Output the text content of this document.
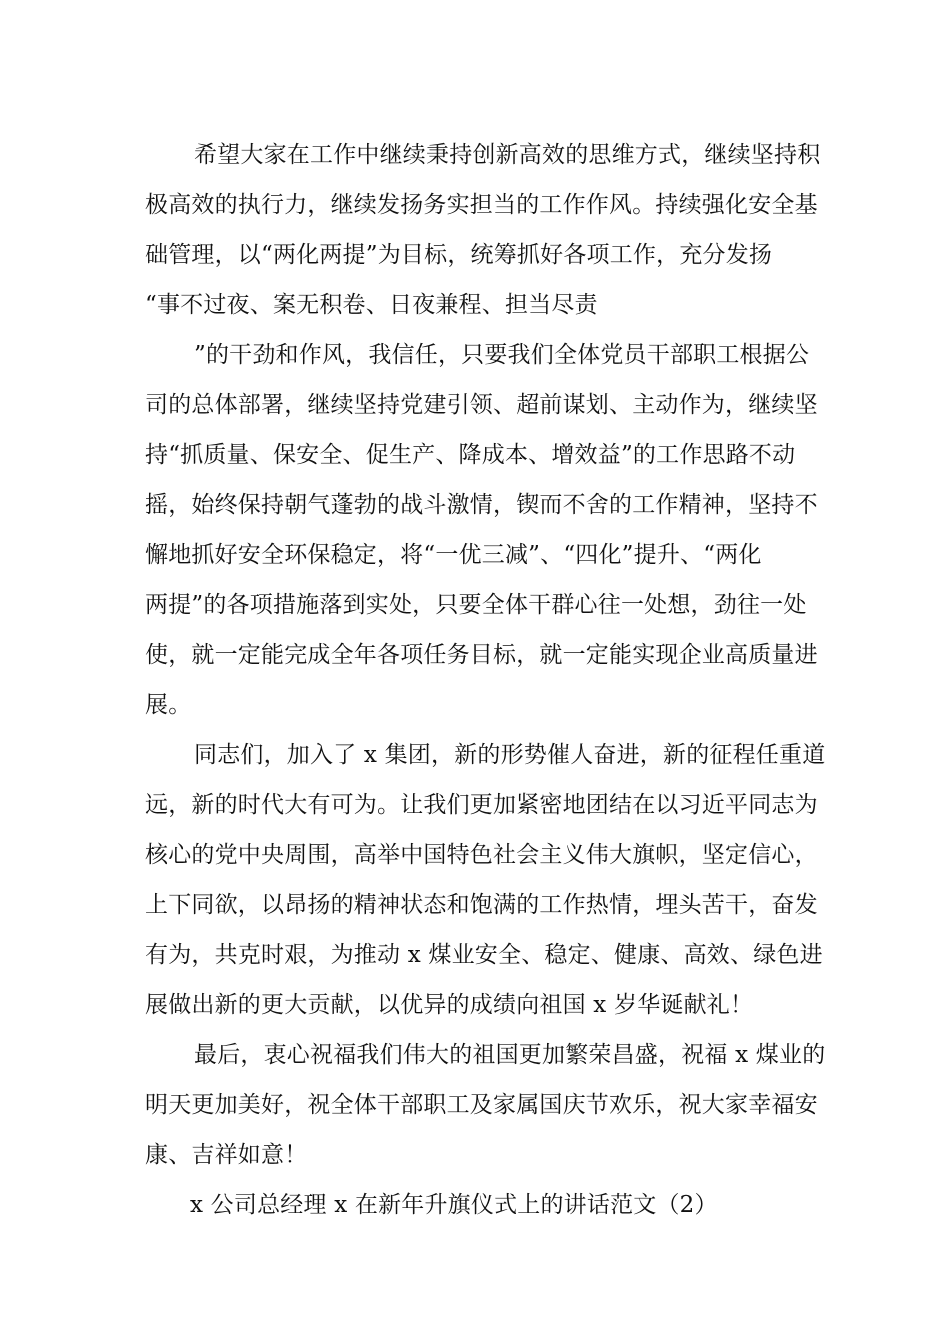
希望大家在工作中继续秉持创新高效的思维方式，继续坚持积
极高效的执行力，继续发扬务实担当的工作作风。持续强化安全基
础管理，以“两化两提”为目标，统筹抓好各项工作，充分发扬
“事不过夜、案无积卷、日夜兼程、担当尽责
”的干劲和作风，我信任，只要我们全体党员干部职工根据公
司的总体部署，继续坚持党建引领、超前谋划、主动作为，继续坚
持“抓质量、保安全、促生产、降成本、增效益”的工作思路不动
摇，始终保持朝气蓬勃的战斗激情，锲而不舍的工作精神，坚持不
懈地抓好安全环保稳定，将“一优三减”、“四化”提升、“两化
两提”的各项措施落到实处，只要全体干群心往一处想，劲往一处
使，就一定能完成全年各项任务目标，就一定能实现企业高质量进
展。
同志们，加入了 x 集团，新的形势催人奋进，新的征程任重道
远，新的时代大有可为。让我们更加紧密地团结在以习近平同志为
核心的党中央周围，高举中国特色社会主义伟大旗帜，坚定信心，
上下同欲，以昂扬的精神状态和饱满的工作热情，埋头苦干，奋发
有为，共克时艰，为推动 x 煤业安全、稳定、健康、高效、绿色进
展做出新的更大贡献，以优异的成绩向祖国 x 岁华诞献礼！
最后，衷心祝福我们伟大的祖国更加繁荣昌盛，祝福 x 煤业的
明天更加美好，祝全体干部职工及家属国庆节欢乐，祝大家幸福安
康、吉祥如意！
x 公司总经理 x 在新年升旗仪式上的讲话范文（2）
